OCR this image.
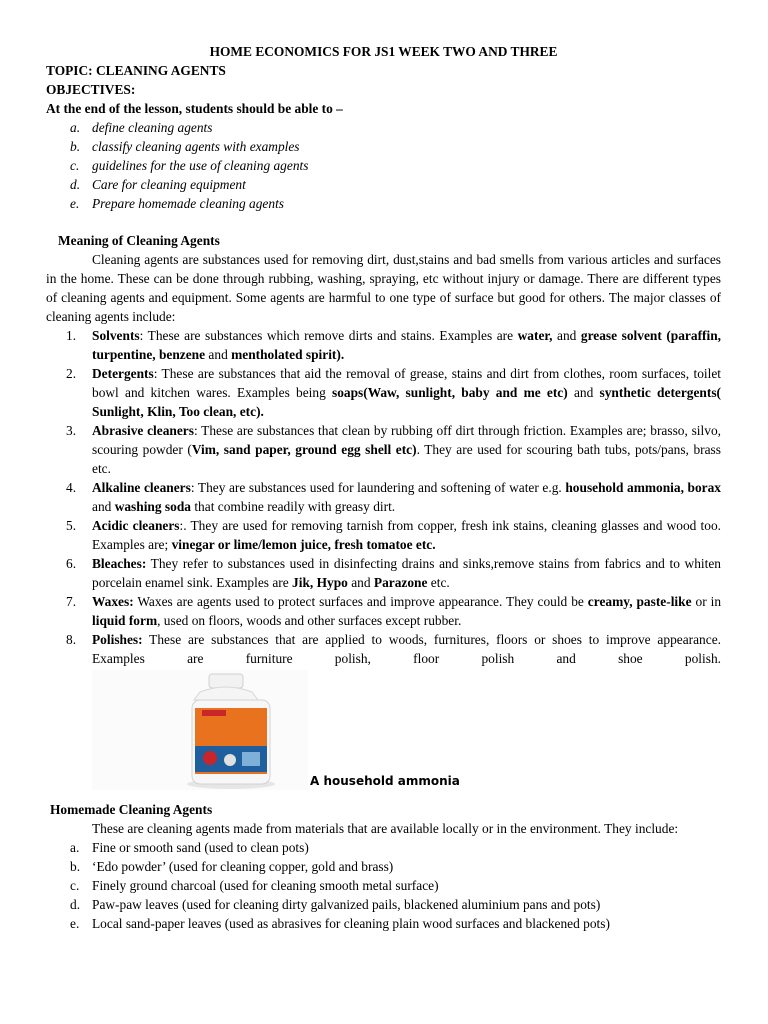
HOME ECONOMICS FOR JS1 WEEK TWO AND THREE
TOPIC: CLEANING AGENTS
OBJECTIVES:
At the end of the lesson, students should be able to –
a. define cleaning agents
b. classify cleaning agents with examples
c. guidelines for the use of cleaning agents
d. Care for cleaning equipment
e. Prepare homemade cleaning agents
Meaning of Cleaning Agents
Cleaning agents are substances used for removing dirt, dust,stains and bad smells from various articles and surfaces in the home. These can be done through rubbing, washing, spraying, etc without injury or damage. There are different types of cleaning agents and equipment. Some agents are harmful to one type of surface but good for others. The major classes of cleaning agents include:
1. Solvents: These are substances which remove dirts and stains. Examples are water, and grease solvent (paraffin, turpentine, benzene and mentholated spirit).
2. Detergents: These are substances that aid the removal of grease, stains and dirt from clothes, room surfaces, toilet bowl and kitchen wares. Examples being soaps(Waw, sunlight, baby and me etc) and synthetic detergents( Sunlight, Klin, Too clean, etc).
3. Abrasive cleaners: These are substances that clean by rubbing off dirt through friction. Examples are; brasso, silvo, scouring powder (Vim, sand paper, ground egg shell etc). They are used for scouring bath tubs, pots/pans, brass etc.
4. Alkaline cleaners: They are substances used for laundering and softening of water e.g. household ammonia, borax and washing soda that combine readily with greasy dirt.
5. Acidic cleaners:. They are used for removing tarnish from copper, fresh ink stains, cleaning glasses and wood too. Examples are; vinegar or lime/lemon juice, fresh tomatoe etc.
6. Bleaches: They refer to substances used in disinfecting drains and sinks,remove stains from fabrics and to whiten porcelain enamel sink. Examples are Jik, Hypo and Parazone etc.
7. Waxes: Waxes are agents used to protect surfaces and improve appearance. They could be creamy, paste-like or in liquid form, used on floors, woods and other surfaces except rubber.
8. Polishes: These are substances that are applied to woods, furnitures, floors or shoes to improve appearance. Examples are furniture polish, floor polish and shoe polish.
A household ammonia
Homemade Cleaning Agents
These are cleaning agents made from materials that are available locally or in the environment. They include:
a. Fine or smooth sand (used to clean pots)
b. ‘Edo powder’ (used for cleaning copper, gold and brass)
c. Finely ground charcoal (used for cleaning smooth metal surface)
d. Paw-paw leaves (used for cleaning dirty galvanized pails, blackened aluminium pans and pots)
e. Local sand-paper leaves (used as abrasives for cleaning plain wood surfaces and blackened pots)
